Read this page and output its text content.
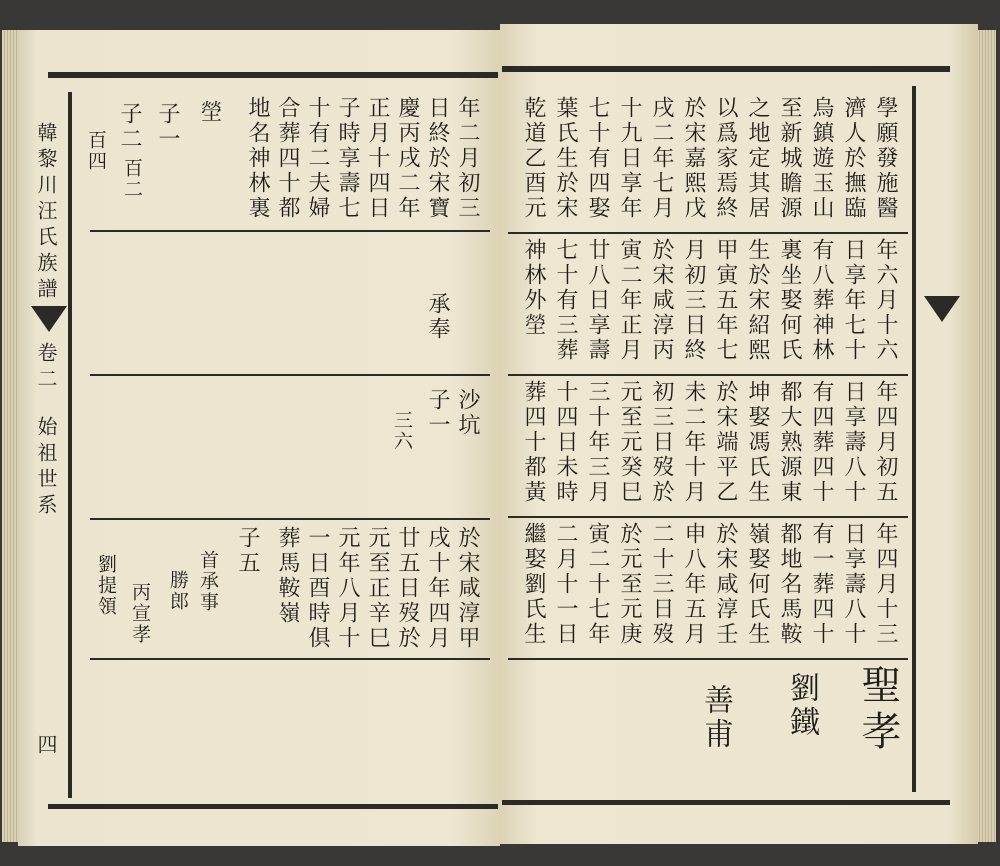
韓黎川汪氏族譜
卷二
始祖世系
四
年二月初三
日終於宋寶
慶丙戌二年
正月十四日
子時享壽七
十有二夫婦
合葬四十都
地名神林裏
塋
子一
子二
百二
百四
承奉
沙坑
子一
三六
於宋咸淳甲
戌十年四月
廿五日歿於
元至正辛巳
元年八月十
一日酉時俱
葬馬鞍嶺
子五
首承事
勝郎
丙宣孝
劉提領
學願發施醫
濟人於撫臨
烏鎮遊玉山
至新城瞻源
之地定其居
以爲家焉終
於宋嘉熙戊
戌二年七月
十九日享年
七十有四娶
葉氏生於宋
乾道乙酉元
年六月十六
日享年七十
有八葬神林
裏坐娶何氏
生於宋紹熙
甲寅五年七
月初三日終
於宋咸淳丙
寅二年正月
廿八日享壽
七十有三葬
神林外塋
年四月初五
日享壽八十
有四葬四十
都大熟源東
坤娶馮氏生
於宋端平乙
未二年十月
初三日歿於
元至元癸巳
三十年三月
十四日未時
葬四十都黃
年四月十三
日享壽八十
有一葬四十
都地名馬鞍
嶺娶何氏生
於宋咸淳壬
申八年五月
二十三日歿
於元至元庚
寅二十七年
二月十一日
繼娶劉氏生
聖孝
劉鐵
善甫
